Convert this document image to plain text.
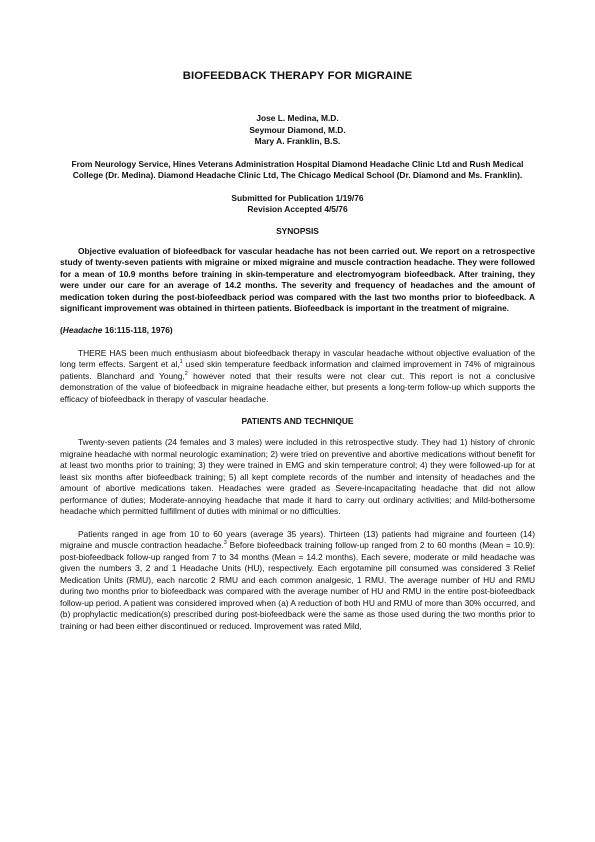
BIOFEEDBACK THERAPY FOR MIGRAINE
Jose L. Medina, M.D.
Seymour Diamond, M.D.
Mary A. Franklin, B.S.
From Neurology Service, Hines Veterans Administration Hospital Diamond Headache Clinic Ltd and Rush Medical College (Dr. Medina). Diamond Headache Clinic Ltd, The Chicago Medical School (Dr. Diamond and Ms. Franklin).
Submitted for Publication 1/19/76
Revision Accepted 4/5/76
SYNOPSIS

Objective evaluation of biofeedback for vascular headache has not been carried out. We report on a retrospective study of twenty-seven patients with migraine or mixed migraine and muscle contraction headache. They were followed for a mean of 10.9 months before training in skin-temperature and electromyogram biofeedback. After training, they were under our care for an average of 14.2 months. The severity and frequency of headaches and the amount of medication token during the post-biofeedback period was compared with the last two months prior to biofeedback. A significant improvement was obtained in thirteen patients. Biofeedback is important in the treatment of migraine.

(Headache 16:115-118, 1976)

THERE HAS been much enthusiasm about biofeedback therapy in vascular headache without objective evaluation of the long term effects. Sargent et al,$^1$ used skin temperature feedback information and claimed improvement in 74% of migrainous patients. Blanchard and Young,$^2$ however noted that their results were not clear cut. This report is not a conclusive demonstration of the value of biofeedback in migraine headache either, but presents a long-term follow-up which supports the efficacy of biofeedback in therapy of vascular headache.

PATIENTS AND TECHNIQUE

Twenty-seven patients (24 females and 3 males) were included in this retrospective study. They had 1) history of chronic migraine headache with normal neurologic examination; 2) were tried on preventive and abortive medications without benefit for at least two months prior to training; 3) they were trained in EMG and skin temperature control; 4) they were followed-up for at least six months after biofeedback training; 5) all kept complete records of the number and intensity of headaches and the amount of abortive medications taken. Headaches were graded as Severe-incapacitating headache that did not allow performance of duties; Moderate-annoying headache that made it hard to carry out ordinary activities; and Mild-bothersome headache which permitted fulfillment of duties with minimal or no difficulties.

Patients ranged in age from 10 to 60 years (average 35 years). Thirteen (13) patients had migraine and fourteen (14) migraine and muscle contraction headache.$^3$ Before biofeedback training follow-up ranged from 2 to 60 months (Mean = 10.9): post-biofeedback follow-up ranged from 7 to 34 months (Mean = 14.2 months). Each severe, moderate or mild headache was given the numbers 3, 2 and 1 Headache Units (HU), respectively. Each ergotamine pill consumed was considered 3 Relief Medication Units (RMU), each narcotic 2 RMU and each common analgesic, 1 RMU. The average number of HU and RMU during two months prior to biofeedback was compared with the average number of HU and RMU in the entire post-biofeedback follow-up period. A patient was considered improved when (a) A reduction of both HU and RMU of more than 30% occurred, and (b) prophylactic medication(s) prescribed during post-biofeedback were the same as those used during the two months prior to training or had been either discontinued or reduced. Improvement was rated Mild,
